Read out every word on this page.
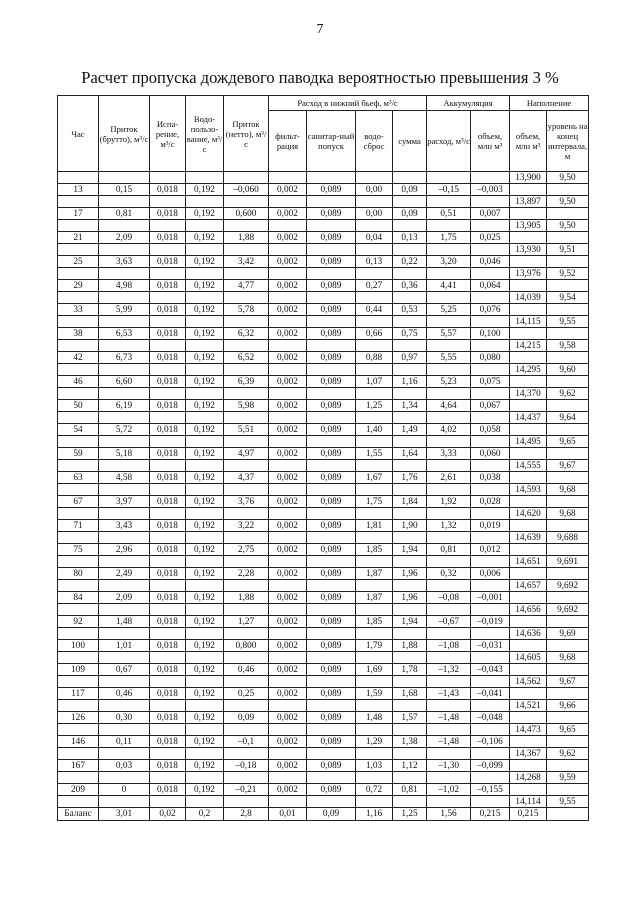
7
Расчет пропуска дождевого паводка вероятностью превышения 3 %
Час	Приток (брутто), м³/с	Испа-рение, м³/с	Водо-пользо-вание, м³/с	Приток (нетто), м³/с	Расход в нижний бьеф, м³/с				Аккумуляция		Наполнение	
					фильт-рация	санитар-ный попуск	водо-сброс	сумма	расход, м³/с	объем, млн м³	объем, млн м³	уровень на конец интервала, м
											13,900	9,50
13	0,15	0,018	0,192	–0,060	0,002	0,089	0,00	0,09	–0,15	–0,003		
											13,897	9,50
17	0,81	0,018	0,192	0,600	0,002	0,089	0,00	0,09	0,51	0,007		
											13,905	9,50
21	2,09	0,018	0,192	1,88	0,002	0,089	0,04	0,13	1,75	0,025		
											13,930	9,51
25	3,63	0,018	0,192	3,42	0,002	0,089	0,13	0,22	3,20	0,046		
											13,976	9,52
29	4,98	0,018	0,192	4,77	0,002	0,089	0,27	0,36	4,41	0,064		
											14,039	9,54
33	5,99	0,018	0,192	5,78	0,002	0,089	0,44	0,53	5,25	0,076		
											14,115	9,55
38	6,53	0,018	0,192	6,32	0,002	0,089	0,66	0,75	5,57	0,100		
											14,215	9,58
42	6,73	0,018	0,192	6,52	0,002	0,089	0,88	0,97	5,55	0,080		
											14,295	9,60
46	6,60	0,018	0,192	6,39	0,002	0,089	1,07	1,16	5,23	0,075		
											14,370	9,62
50	6,19	0,018	0,192	5,98	0,002	0,089	1,25	1,34	4,64	0,067		
											14,437	9,64
54	5,72	0,018	0,192	5,51	0,002	0,089	1,40	1,49	4,02	0,058		
											14,495	9,65
59	5,18	0,018	0,192	4,97	0,002	0,089	1,55	1,64	3,33	0,060		
											14,555	9,67
63	4,58	0,018	0,192	4,37	0,002	0,089	1,67	1,76	2,61	0,038		
											14,593	9,68
67	3,97	0,018	0,192	3,76	0,002	0,089	1,75	1,84	1,92	0,028		
											14,620	9,68
71	3,43	0,018	0,192	3,22	0,002	0,089	1,81	1,90	1,32	0,019		
											14,639	9,688
75	2,96	0,018	0,192	2,75	0,002	0,089	1,85	1,94	0,81	0,012		
											14,651	9,691
80	2,49	0,018	0,192	2,28	0,002	0,089	1,87	1,96	0,32	0,006		
											14,657	9,692
84	2,09	0,018	0,192	1,88	0,002	0,089	1,87	1,96	–0,08	–0,001		
											14,656	9,692
92	1,48	0,018	0,192	1,27	0,002	0,089	1,85	1,94	–0,67	–0,019		
											14,636	9,69
100	1,01	0,018	0,192	0,800	0,002	0,089	1,79	1,88	–1,08	–0,031		
											14,605	9,68
109	0,67	0,018	0,192	0,46	0,002	0,089	1,69	1,78	–1,32	–0,043		
											14,562	9,67
117	0,46	0,018	0,192	0,25	0,002	0,089	1,59	1,68	–1,43	–0,041		
											14,521	9,66
126	0,30	0,018	0,192	0,09	0,002	0,089	1,48	1,57	–1,48	–0,048		
											14,473	9,65
146	0,11	0,018	0,192	–0,1	0,002	0,089	1,29	1,38	–1,48	–0,106		
											14,367	9,62
167	0,03	0,018	0,192	–0,18	0,002	0,089	1,03	1,12	–1,30	–0,099		
											14,268	9,59
209	0	0,018	0,192	–0,21	0,002	0,089	0,72	0,81	–1,02	–0,155		
											14,114	9,55
Баланс	3,01	0,02	0,2	2,8	0,01	0,09	1,16	1,25	1,56	0,215	0,215	
